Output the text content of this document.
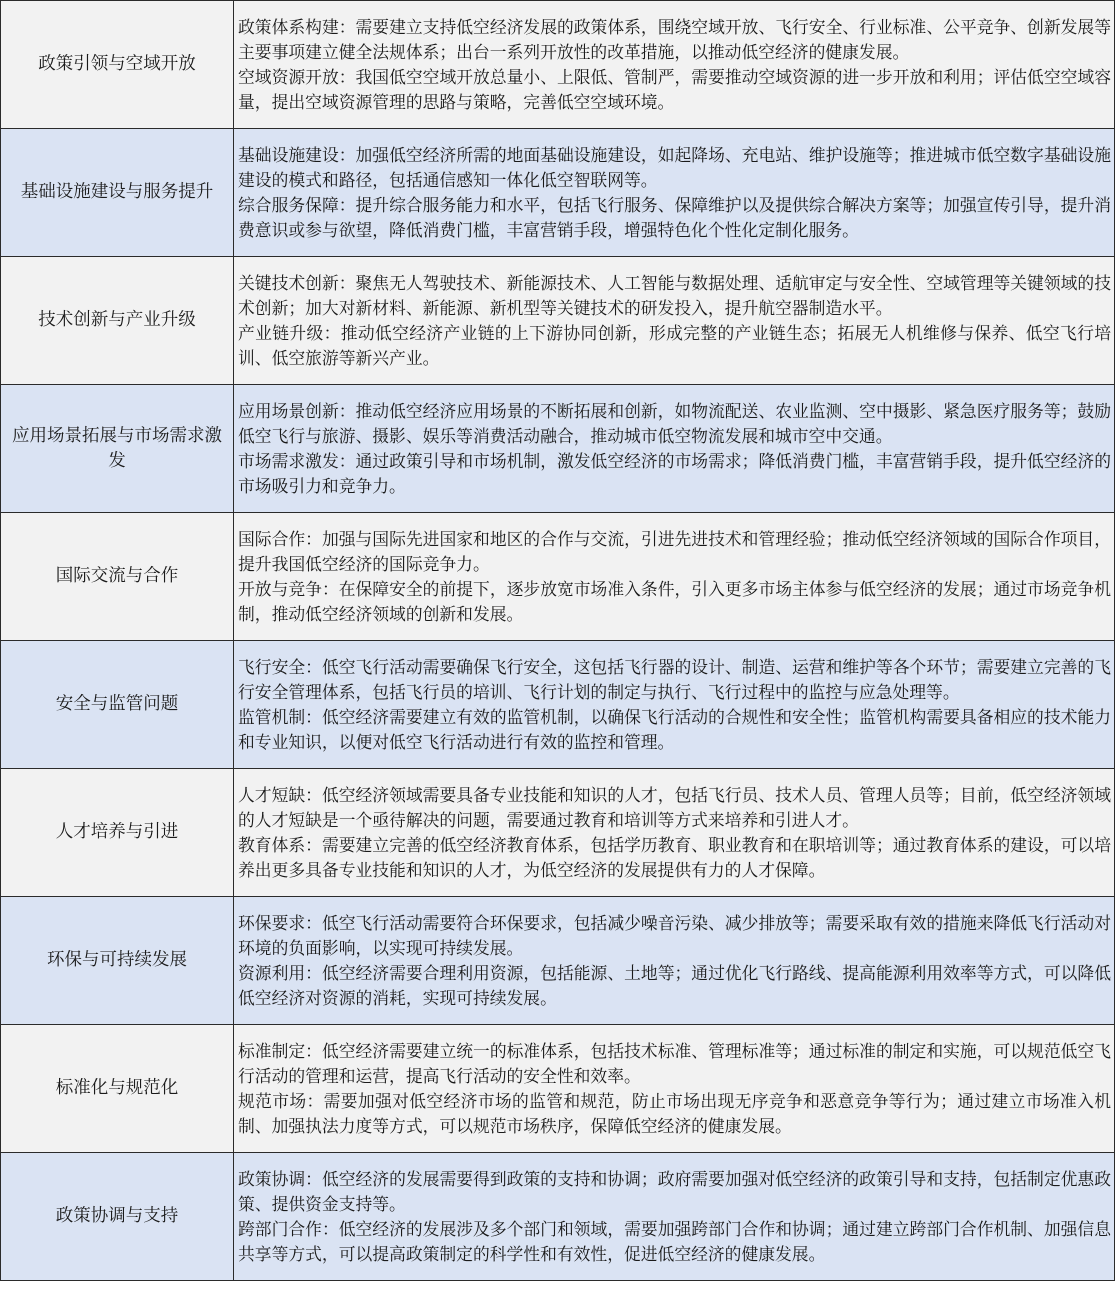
政策引领与空域开放	政策体系构建：需要建立支持低空经济发展的政策体系，围绕空域开放、飞行安全、行业标准、公平竞争、创新发展等主要事项建立健全法规体系；出台一系列开放性的改革措施，以推动低空经济的健康发展。

空域资源开放：我国低空空域开放总量小、上限低、管制严，需要推动空域资源的进一步开放和利用；评估低空空域容量，提出空域资源管理的思路与策略，完善低空空域环境。

基础设施建设与服务提升	基础设施建设：加强低空经济所需的地面基础设施建设，如起降场、充电站、维护设施等；推进城市低空数字基础设施建设的模式和路径，包括通信感知一体化低空智联网等。

综合服务保障：提升综合服务能力和水平，包括飞行服务、保障维护以及提供综合解决方案等；加强宣传引导，提升消费意识或参与欲望，降低消费门槛，丰富营销手段，增强特色化个性化定制化服务。

技术创新与产业升级	关键技术创新：聚焦无人驾驶技术、新能源技术、人工智能与数据处理、适航审定与安全性、空域管理等关键领域的技术创新；加大对新材料、新能源、新机型等关键技术的研发投入，提升航空器制造水平。

产业链升级：推动低空经济产业链的上下游协同创新，形成完整的产业链生态；拓展无人机维修与保养、低空飞行培训、低空旅游等新兴产业。

应用场景拓展与市场需求激发	应用场景创新：推动低空经济应用场景的不断拓展和创新，如物流配送、农业监测、空中摄影、紧急医疗服务等；鼓励低空飞行与旅游、摄影、娱乐等消费活动融合，推动城市低空物流发展和城市空中交通。

市场需求激发：通过政策引导和市场机制，激发低空经济的市场需求；降低消费门槛，丰富营销手段，提升低空经济的市场吸引力和竞争力。

国际交流与合作	国际合作：加强与国际先进国家和地区的合作与交流，引进先进技术和管理经验；推动低空经济领域的国际合作项目，提升我国低空经济的国际竞争力。

开放与竞争：在保障安全的前提下，逐步放宽市场准入条件，引入更多市场主体参与低空经济的发展；通过市场竞争机制，推动低空经济领域的创新和发展。

安全与监管问题	飞行安全：低空飞行活动需要确保飞行安全，这包括飞行器的设计、制造、运营和维护等各个环节；需要建立完善的飞行安全管理体系，包括飞行员的培训、飞行计划的制定与执行、飞行过程中的监控与应急处理等。

监管机制：低空经济需要建立有效的监管机制，以确保飞行活动的合规性和安全性；监管机构需要具备相应的技术能力和专业知识，以便对低空飞行活动进行有效的监控和管理。

人才培养与引进	人才短缺：低空经济领域需要具备专业技能和知识的人才，包括飞行员、技术人员、管理人员等；目前，低空经济领域的人才短缺是一个亟待解决的问题，需要通过教育和培训等方式来培养和引进人才。

教育体系：需要建立完善的低空经济教育体系，包括学历教育、职业教育和在职培训等；通过教育体系的建设，可以培养出更多具备专业技能和知识的人才，为低空经济的发展提供有力的人才保障。

环保与可持续发展	环保要求：低空飞行活动需要符合环保要求，包括减少噪音污染、减少排放等；需要采取有效的措施来降低飞行活动对环境的负面影响，以实现可持续发展。

资源利用：低空经济需要合理利用资源，包括能源、土地等；通过优化飞行路线、提高能源利用效率等方式，可以降低低空经济对资源的消耗，实现可持续发展。

标准化与规范化	标准制定：低空经济需要建立统一的标准体系，包括技术标准、管理标准等；通过标准的制定和实施，可以规范低空飞行活动的管理和运营，提高飞行活动的安全性和效率。

规范市场：需要加强对低空经济市场的监管和规范，防止市场出现无序竞争和恶意竞争等行为；通过建立市场准入机制、加强执法力度等方式，可以规范市场秩序，保障低空经济的健康发展。

政策协调与支持	政策协调：低空经济的发展需要得到政策的支持和协调；政府需要加强对低空经济的政策引导和支持，包括制定优惠政策、提供资金支持等。

跨部门合作：低空经济的发展涉及多个部门和领域，需要加强跨部门合作和协调；通过建立跨部门合作机制、加强信息共享等方式，可以提高政策制定的科学性和有效性，促进低空经济的健康发展。
